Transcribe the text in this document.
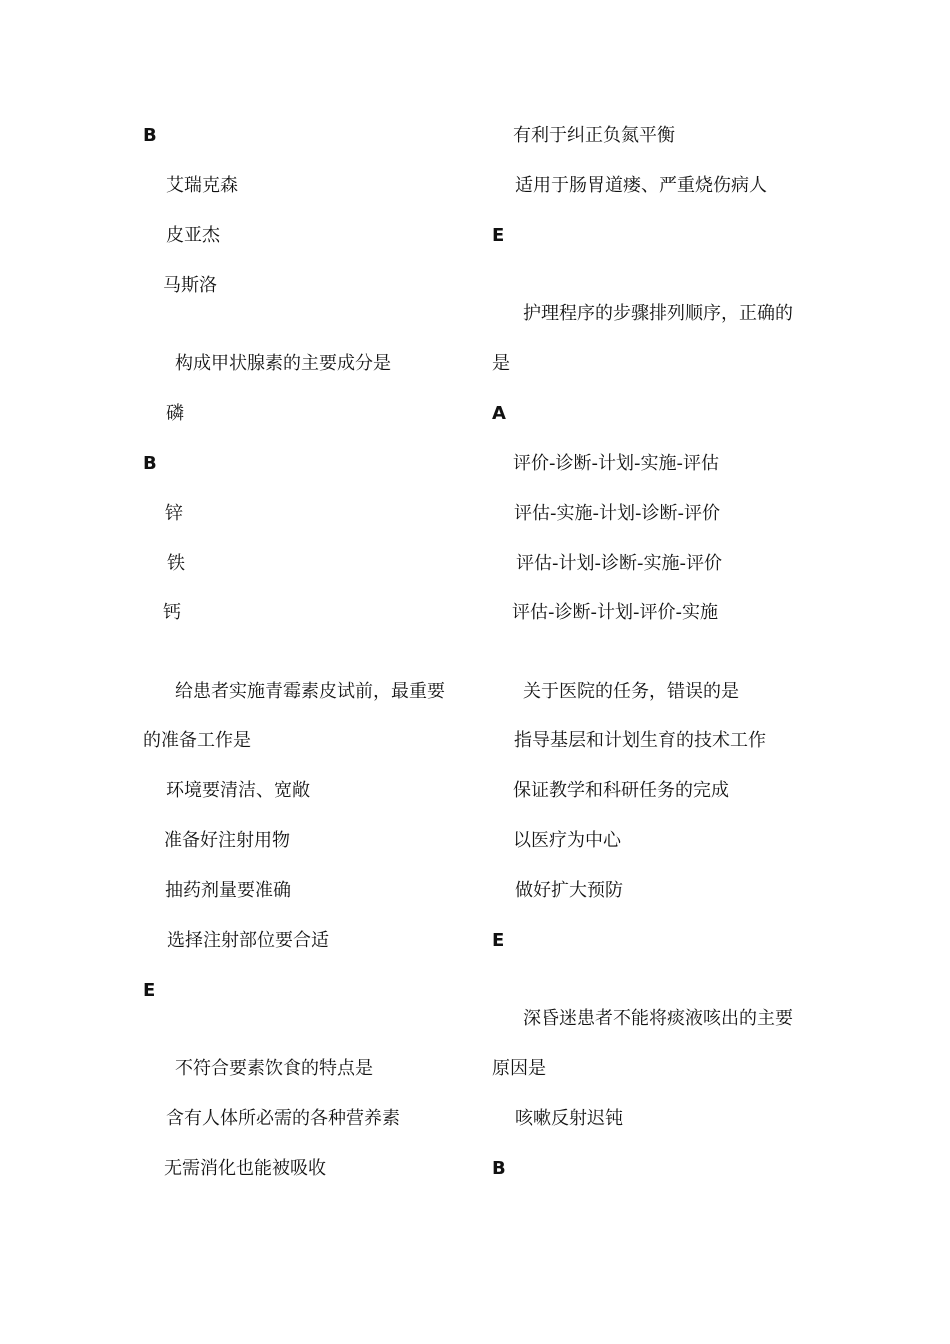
B
艾瑞克森
皮亚杰
马斯洛
构成甲状腺素的主要成分是
磷
B
锌
铁
钙
给患者实施青霉素皮试前，最重要
的准备工作是
环境要清洁、宽敞
准备好注射用物
抽药剂量要准确
选择注射部位要合适
E
不符合要素饮食的特点是
含有人体所必需的各种营养素
无需消化也能被吸收
有利于纠正负氮平衡
适用于肠胃道瘘、严重烧伤病人
E
护理程序的步骤排列顺序，正确的
是
A
评价-诊断-计划-实施-评估
评估-实施-计划-诊断-评价
评估-计划-诊断-实施-评价
评估-诊断-计划-评价-实施
关于医院的任务，错误的是
指导基层和计划生育的技术工作
保证教学和科研任务的完成
以医疗为中心
做好扩大预防
E
深昏迷患者不能将痰液咳出的主要
原因是
咳嗽反射迟钝
B
